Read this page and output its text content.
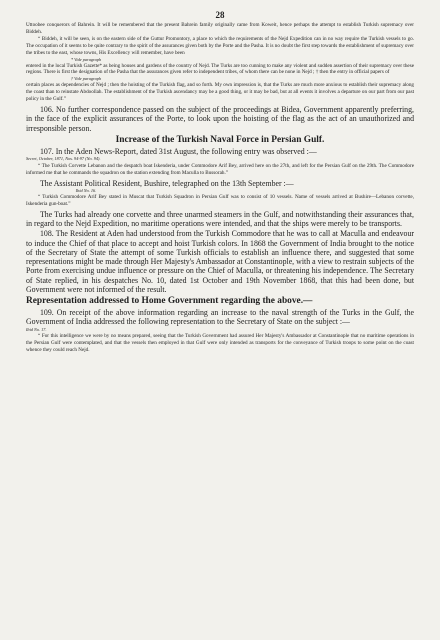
28

Uttoobee conquerors of Bahrein. It will be remembered that the present Bahrein family originally came from Koweit, hence perhaps the attempt to establish Turkish supremacy over Biddeh.

“ Biddeh, it will be seen, is on the eastern side of the Guttur Promontory, a place to which the requirements of the Nejd Expedition can in no way require the Turkish vessels to go. The occupation of it seems to be quite contrary to the spirit of the assurances given both by the Porte and the Pasha. It is no doubt the first step towards the establishment of supremacy over the tribes to the east, whose towns, His Excellency will remember, have been

* Vide paragraph

entered in the local Turkish Gazette* as being houses and gardens of the country of Nejd. The Turks are too cunning to make any violent and sudden assertion of their supremacy over these regions. There is first the designation of the Pasha that the assurances given refer to independent tribes, of whom there can be none in Nejd ; † then the entry in official papers of

† Vide paragraph

certain places as dependencies of Nejd ; then the hoisting of the Turkish flag, and so forth. My own impression is, that the Turks are much more anxious to establish their supremacy along the coast than to reinstate Abdoollah. The establishment of the Turkish ascendancy may be a good thing, or it may be bad, but at all events it involves a departure on our part from our past policy in the Gulf.”

106. No further correspondence passed on the subject of the proceedings at Bidea, Government apparently preferring, in the face of the explicit assurances of the Porte, to look upon the hoisting of the flag as the act of an unauthorized and irresponsible person.

Increase of the Turkish Naval Force in Persian Gulf.

107. In the Aden News-Report, dated 31st August, the following entry was observed :—

Secret, October, 1871, Nos. 94-97 (No. 94).

“ The Turkish Corvette Lebanon and the despatch boat Iskenderia, under Commodore Arif Bey, arrived here on the 27th, and left for the Persian Gulf on the 29th. The Commodore informed me that he commands the squadron on the station extending from Maculla to Bussorah.”

The Assistant Political Resident, Bushire, telegraphed on the 13th September :—

Ibid No. 16.

“ Turkish Commodore Arif Bey stated in Muscat that Turkish Squadron in Persian Gulf was to consist of 10 vessels. Name of vessels arrived at Bushire—Lebanon corvette, Iskenderia gun-boat.”

The Turks had already one corvette and three unarmed steamers in the Gulf, and notwithstanding their assurances that, in regard to the Nejd Expedition, no maritime operations were intended, and that the ships were merely to be transports.

108. The Resident at Aden had understood from the Turkish Commodore that he was to call at Maculla and endeavour to induce the Chief of that place to accept and hoist Turkish colors. In 1868 the Government of India brought to the notice of the Secretary of State the attempt of some Turkish officials to establish an influence there, and suggested that some representations might be made through Her Majesty's Ambassador at Constantinople, with a view to restrain subjects of the Porte from exercising undue influence or pressure on the Chief of Maculla, or threatening his independence. The Secretary of State replied, in his despatches No. 10, dated 1st October and 19th November 1868, that this had been done, but Government were not informed of the result.

Representation addressed to Home Government regarding the above.—

109. On receipt of the above information regarding an increase to the naval strength of the Turks in the Gulf, the Government of India addressed the following representation to the Secretary of State on the subject :—

Ibid No. 17.

“ For this intelligence we were by no means prepared, seeing that the Turkish Government had assured Her Majesty's Ambassador at Constantinople that no maritime operations in the Persian Gulf were contemplated, and that the vessels then employed in that Gulf were only intended as transports for the conveyance of Turkish troops to some point on the coast whence they could reach Nejd.
